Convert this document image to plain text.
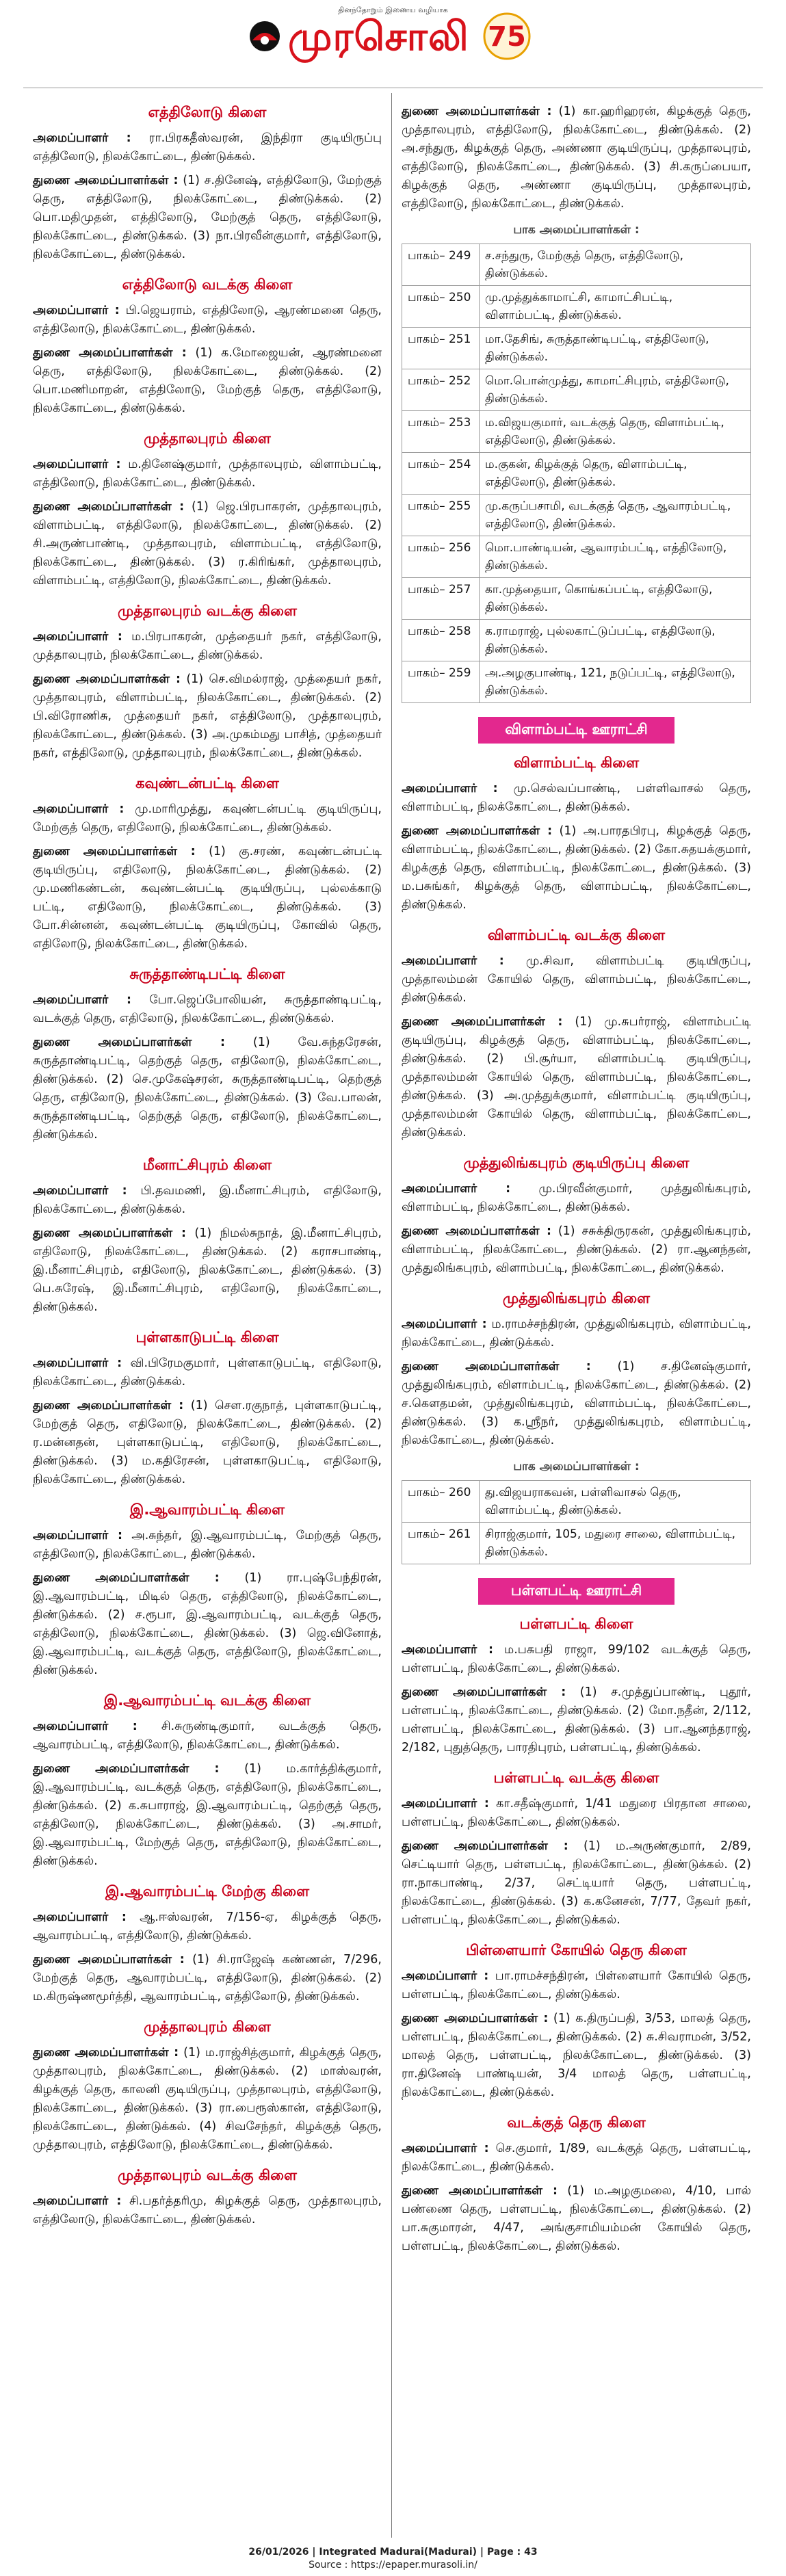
தினந்தோறும் இணைய வழியாக
முரசொலி 75
எத்திலோடு கிளை

அமைப்பாளர் : ரா.பிரகதீஸ்வரன், இந்திரா குடியிருப்பு எத்திலோடு, நிலக்கோட்டை, திண்டுக்கல்.

துணை அமைப்பாளர்கள் : (1) ச.தினேஷ், எத்திலோடு, மேற்குத் தெரு, எத்திலோடு, நிலக்கோட்டை, திண்டுக்கல். (2) பொ.மதிமுதன், எத்திலோடு, மேற்குத் தெரு, எத்திலோடு, நிலக்கோட்டை, திண்டுக்கல். (3) நா.பிரவீன்குமார், எத்திலோடு, நிலக்கோட்டை, திண்டுக்கல்.

எத்திலோடு வடக்கு கிளை

அமைப்பாளர் : பி.ஜெயராம், எத்திலோடு, ஆரண்மனை தெரு, எத்திலோடு, நிலக்கோட்டை, திண்டுக்கல்.

துணை அமைப்பாளர்கள் : (1) க.மோஜையன், ஆரண்மனை தெரு, எத்திலோடு, நிலக்கோட்டை, திண்டுக்கல். (2) பொ.மணிமாறன், எத்திலோடு, மேற்குத் தெரு, எத்திலோடு, நிலக்கோட்டை, திண்டுக்கல்.

முத்தாலபுரம் கிளை

அமைப்பாளர் : ம.தினேஷ்குமார், முத்தாலபுரம், விளாம்பட்டி, எத்திலோடு, நிலக்கோட்டை, திண்டுக்கல்.

துணை அமைப்பாளர்கள் : (1) ஜெ.பிரபாகரன், முத்தாலபுரம், விளாம்பட்டி, எத்திலோடு, நிலக்கோட்டை, திண்டுக்கல். (2) சி.அருண்பாண்டி, முத்தாலபுரம், விளாம்பட்டி, எத்திலோடு, நிலக்கோட்டை, திண்டுக்கல். (3) ர.கிரிங்கர், முத்தாலபுரம், விளாம்பட்டி, எத்திலோடு, நிலக்கோட்டை, திண்டுக்கல்.

முத்தாலபுரம் வடக்கு கிளை

அமைப்பாளர் : ம.பிரபாகரன், முத்தையர் நகர், எத்திலோடு, முத்தாலபுரம், நிலக்கோட்டை, திண்டுக்கல்.

துணை அமைப்பாளர்கள் : (1) செ.விமல்ராஜ், முத்தையர் நகர், முத்தாலபுரம், விளாம்பட்டி, நிலக்கோட்டை, திண்டுக்கல். (2) பி.விரோணிசு, முத்தையர் நகர், எத்திலோடு, முத்தாலபுரம், நிலக்கோட்டை, திண்டுக்கல். (3) அ.முகம்மது பாசித், முத்தையர் நகர், எத்திலோடு, முத்தாலபுரம், நிலக்கோட்டை, திண்டுக்கல்.

கவுண்டன்பட்டி கிளை

அமைப்பாளர் : மு.மாரிமுத்து, கவுண்டன்பட்டி குடியிருப்பு, மேற்குத் தெரு, எதிலோடு, நிலக்கோட்டை, திண்டுக்கல்.

துணை அமைப்பாளர்கள் : (1) கு.சரண், கவுண்டன்பட்டி குடியிருப்பு, எதிலோடு, நிலக்கோட்டை, திண்டுக்கல். (2) மு.மணிகண்டன், கவுண்டன்பட்டி குடியிருப்பு, புல்லக்காடு பட்டி, எதிலோடு, நிலக்கோட்டை, திண்டுக்கல். (3) போ.சின்னன், கவுண்டன்பட்டி குடியிருப்பு, கோவில் தெரு, எதிலோடு, நிலக்கோட்டை, திண்டுக்கல்.

சுருத்தாண்டிபட்டி கிளை

அமைப்பாளர் : போ.ஜெப்போலியன், சுருத்தாண்டிபட்டி, வடக்குத் தெரு, எதிலோடு, நிலக்கோட்டை, திண்டுக்கல்.

துணை அமைப்பாளர்கள் : (1) வே.சுந்தரேசன், சுருத்தாண்டிபட்டி, தெற்குத் தெரு, எதிலோடு, நிலக்கோட்டை, திண்டுக்கல். (2) செ.முகேஷ்சரன், சுருத்தாண்டிபட்டி, தெற்குத் தெரு, எதிலோடு, நிலக்கோட்டை, திண்டுக்கல். (3) வே.பாலன், சுருத்தாண்டிபட்டி, தெற்குத் தெரு, எதிலோடு, நிலக்கோட்டை, திண்டுக்கல்.

மீனாட்சிபுரம் கிளை

அமைப்பாளர் : பி.தவமணி, இ.மீனாட்சிபுரம், எதிலோடு, நிலக்கோட்டை, திண்டுக்கல்.

துணை அமைப்பாளர்கள் : (1) நிமல்சுநாத், இ.மீனாட்சிபுரம், எதிலோடு, நிலக்கோட்டை, திண்டுக்கல். (2) கராசபாண்டி, இ.மீனாட்சிபுரம், எதிலோடு, நிலக்கோட்டை, திண்டுக்கல். (3) பெ.சுரேஷ், இ.மீனாட்சிபுரம், எதிலோடு, நிலக்கோட்டை, திண்டுக்கல்.

புள்ளகாடுபட்டி கிளை

அமைப்பாளர் : வி.பிரேமகுமார், புள்ளகாடுபட்டி, எதிலோடு, நிலக்கோட்டை, திண்டுக்கல்.

துணை அமைப்பாளர்கள் : (1) சௌ.ரகுநாத், புள்ளகாடுபட்டி, மேற்குத் தெரு, எதிலோடு, நிலக்கோட்டை, திண்டுக்கல். (2) ர.மன்னதன், புள்ளகாடுபட்டி, எதிலோடு, நிலக்கோட்டை, திண்டுக்கல். (3) ம.கதிரேசன், புள்ளகாடுபட்டி, எதிலோடு, நிலக்கோட்டை, திண்டுக்கல்.

இ.ஆவாரம்பட்டி கிளை

அமைப்பாளர் : அ.சுந்தர், இ.ஆவாரம்பட்டி, மேற்குத் தெரு, எத்திலோடு, நிலக்கோட்டை, திண்டுக்கல்.

துணை அமைப்பாளர்கள் : (1) ரா.புஷ்பேந்திரன், இ.ஆவாரம்பட்டி, மிடில் தெரு, எத்திலோடு, நிலக்கோட்டை, திண்டுக்கல். (2) ச.ரூபா, இ.ஆவாரம்பட்டி, வடக்குத் தெரு, எத்திலோடு, நிலக்கோட்டை, திண்டுக்கல். (3) ஜெ.வினோத், இ.ஆவாரம்பட்டி, வடக்குத் தெரு, எத்திலோடு, நிலக்கோட்டை, திண்டுக்கல்.

இ.ஆவாரம்பட்டி வடக்கு கிளை

அமைப்பாளர் : சி.சுருண்டிகுமார், வடக்குத் தெரு, ஆவாரம்பட்டி, எத்திலோடு, நிலக்கோட்டை, திண்டுக்கல்.

துணை அமைப்பாளர்கள் : (1) ம.கார்த்திக்குமார், இ.ஆவாரம்பட்டி, வடக்குத் தெரு, எத்திலோடு, நிலக்கோட்டை, திண்டுக்கல். (2) க.சுபாராஜ், இ.ஆவாரம்பட்டி, தெற்குத் தெரு, எத்திலோடு, நிலக்கோட்டை, திண்டுக்கல். (3) அ.சாமர், இ.ஆவாரம்பட்டி, மேற்குத் தெரு, எத்திலோடு, நிலக்கோட்டை, திண்டுக்கல்.

இ.ஆவாரம்பட்டி மேற்கு கிளை

அமைப்பாளர் : ஆ.ஈஸ்வரன், 7/156-ஏ, கிழக்குத் தெரு, ஆவாரம்பட்டி, எத்திலோடு, திண்டுக்கல்.

துணை அமைப்பாளர்கள் : (1) சி.ராஜேஷ் கண்ணன், 7/296, மேற்குத் தெரு, ஆவாரம்பட்டி, எத்திலோடு, திண்டுக்கல். (2) ம.கிருஷ்ணமூர்த்தி, ஆவாரம்பட்டி, எத்திலோடு, திண்டுக்கல்.

முத்தாலபுரம் கிளை

துணை அமைப்பாளர்கள் : (1) ம.ராஜ்சித்குமார், கிழக்குத் தெரு, முத்தாலபுரம், நிலக்கோட்டை, திண்டுக்கல். (2) மாஸ்வரன், கிழக்குத் தெரு, காலனி குடியிருப்பு, முத்தாலபுரம், எத்திலோடு, நிலக்கோட்டை, திண்டுக்கல். (3) ரா.பைரூஸ்கான், எத்திலோடு, நிலக்கோட்டை, திண்டுக்கல். (4) சிவசேந்தர், கிழக்குத் தெரு, முத்தாலபுரம், எத்திலோடு, நிலக்கோட்டை, திண்டுக்கல்.

முத்தாலபுரம் வடக்கு கிளை

அமைப்பாளர் : சி.பதர்த்தரிமு, கிழக்குத் தெரு, முத்தாலபுரம், எத்திலோடு, நிலக்கோட்டை, திண்டுக்கல்.

துணை அமைப்பாளர்கள் : (1) கா.ஹரிஹரன், கிழக்குத் தெரு, முத்தாலபுரம், எத்திலோடு, நிலக்கோட்டை, திண்டுக்கல். (2) அ.சந்துரு, கிழக்குத் தெரு, அண்ணா குடியிருப்பு, முத்தாலபுரம், எத்திலோடு, நிலக்கோட்டை, திண்டுக்கல். (3) சி.கருப்பையா, கிழக்குத் தெரு, அண்ணா குடியிருப்பு, முத்தாலபுரம், எத்திலோடு, நிலக்கோட்டை, திண்டுக்கல்.

பாக அமைப்பாளர்கள் :
பாகம்– 249	ச.சந்துரு, மேற்குத் தெரு, எத்திலோடு, திண்டுக்கல்.
பாகம்– 250	மு.முத்துக்காமாட்சி, காமாட்சிபட்டி, விளாம்பட்டி, திண்டுக்கல்.
பாகம்– 251	மா.தேசிங், சுருத்தாண்டிபட்டி, எத்திலோடு, திண்டுக்கல்.
பாகம்– 252	மொ.பொன்முத்து, காமாட்சிபுரம், எத்திலோடு, திண்டுக்கல்.
பாகம்– 253	ம.விஜயகுமார், வடக்குத் தெரு, விளாம்பட்டி, எத்திலோடு, திண்டுக்கல்.
பாகம்– 254	ம.குகன், கிழக்குத் தெரு, விளாம்பட்டி, எத்திலோடு, திண்டுக்கல்.
பாகம்– 255	மு.கருப்பசாமி, வடக்குத் தெரு, ஆவாரம்பட்டி, எத்திலோடு, திண்டுக்கல்.
பாகம்– 256	மொ.பாண்டியன், ஆவாரம்பட்டி, எத்திலோடு, திண்டுக்கல்.
பாகம்– 257	கா.முத்தையா, கொங்கப்பட்டி, எத்திலோடு, திண்டுக்கல்.
பாகம்– 258	க.ராமராஜ், புல்லகாட்டுப்பட்டி, எத்திலோடு, திண்டுக்கல்.
பாகம்– 259	அ.அழகுபாண்டி, 121, நடுப்பட்டி, எத்திலோடு, திண்டுக்கல்.
விளாம்பட்டி ஊராட்சி
விளாம்பட்டி கிளை

அமைப்பாளர் : மு.செல்வப்பாண்டி, பள்ளிவாசல் தெரு, விளாம்பட்டி, நிலக்கோட்டை, திண்டுக்கல்.

துணை அமைப்பாளர்கள் : (1) அ.பாரதபிரபு, கிழக்குத் தெரு, விளாம்பட்டி, நிலக்கோட்டை, திண்டுக்கல். (2) கோ.சுதயக்குமார், கிழக்குத் தெரு, விளாம்பட்டி, நிலக்கோட்டை, திண்டுக்கல். (3) ம.பசுங்கர், கிழக்குத் தெரு, விளாம்பட்டி, நிலக்கோட்டை, திண்டுக்கல்.

விளாம்பட்டி வடக்கு கிளை

அமைப்பாளர் : மு.சிவா, விளாம்பட்டி குடியிருப்பு, முத்தாலம்மன் கோயில் தெரு, விளாம்பட்டி, நிலக்கோட்டை, திண்டுக்கல்.

துணை அமைப்பாளர்கள் : (1) மு.சுபர்ராஜ், விளாம்பட்டி குடியிருப்பு, கிழக்குத் தெரு, விளாம்பட்டி, நிலக்கோட்டை, திண்டுக்கல். (2) பி.சூர்யா, விளாம்பட்டி குடியிருப்பு, முத்தாலம்மன் கோயில் தெரு, விளாம்பட்டி, நிலக்கோட்டை, திண்டுக்கல். (3) அ.முத்துக்குமார், விளாம்பட்டி குடியிருப்பு, முத்தாலம்மன் கோயில் தெரு, விளாம்பட்டி, நிலக்கோட்டை, திண்டுக்கல்.

முத்துலிங்கபுரம் குடியிருப்பு கிளை

அமைப்பாளர் : மு.பிரவீன்குமார், முத்துலிங்கபுரம், விளாம்பட்டி, நிலக்கோட்டை, திண்டுக்கல்.

துணை அமைப்பாளர்கள் : (1) சசுக்திருரகன், முத்துலிங்கபுரம், விளாம்பட்டி, நிலக்கோட்டை, திண்டுக்கல். (2) ரா.ஆனந்தன், முத்துலிங்கபுரம், விளாம்பட்டி, நிலக்கோட்டை, திண்டுக்கல்.

முத்துலிங்கபுரம் கிளை

அமைப்பாளர் : ம.ராமச்சந்திரன், முத்துலிங்கபுரம், விளாம்பட்டி, நிலக்கோட்டை, திண்டுக்கல்.

துணை அமைப்பாளர்கள் : (1) ச.தினேஷ்குமார், முத்துலிங்கபுரம், விளாம்பட்டி, நிலக்கோட்டை, திண்டுக்கல். (2) ச.கௌதமன், முத்துலிங்கபுரம், விளாம்பட்டி, நிலக்கோட்டை, திண்டுக்கல். (3) க.ஸ்ரீநர், முத்துலிங்கபுரம், விளாம்பட்டி, நிலக்கோட்டை, திண்டுக்கல்.

பாக அமைப்பாளர்கள் :
பாகம்– 260	து.விஜயராகவன், பள்ளிவாசல் தெரு, விளாம்பட்டி, திண்டுக்கல்.
பாகம்– 261	சிராஜ்குமார், 105, மதுரை சாலை, விளாம்பட்டி, திண்டுக்கல்.
பள்ளபட்டி ஊராட்சி
பள்ளபட்டி கிளை

அமைப்பாளர் : ம.பசுபதி ராஜா, 99/102 வடக்குத் தெரு, பள்ளபட்டி, நிலக்கோட்டை, திண்டுக்கல்.

துணை அமைப்பாளர்கள் : (1) ச.முத்துப்பாண்டி, புதூர், பள்ளபட்டி, நிலக்கோட்டை, திண்டுக்கல். (2) மோ.நதீன், 2/112, பள்ளபட்டி, நிலக்கோட்டை, திண்டுக்கல். (3) பா.ஆனந்தராஜ், 2/182, புதுத்தெரு, பாரதிபுரம், பள்ளபட்டி, திண்டுக்கல்.

பள்ளபட்டி வடக்கு கிளை

அமைப்பாளர் : கா.சதீஷ்குமார், 1/41 மதுரை பிரதான சாலை, பள்ளபட்டி, நிலக்கோட்டை, திண்டுக்கல்.

துணை அமைப்பாளர்கள் : (1) ம.அருண்குமார், 2/89, செட்டியார் தெரு, பள்ளபட்டி, நிலக்கோட்டை, திண்டுக்கல். (2) ரா.நாகபாண்டி, 2/37, செட்டியார் தெரு, பள்ளபட்டி, நிலக்கோட்டை, திண்டுக்கல். (3) க.கனேசன், 7/77, தேவர் நகர், பள்ளபட்டி, நிலக்கோட்டை, திண்டுக்கல்.

பிள்ளையார் கோயில் தெரு கிளை

அமைப்பாளர் : பா.ராமச்சந்திரன், பிள்ளையார் கோயில் தெரு, பள்ளபட்டி, நிலக்கோட்டை, திண்டுக்கல்.

துணை அமைப்பாளர்கள் : (1) க.திருப்பதி, 3/53, மாலத் தெரு, பள்ளபட்டி, நிலக்கோட்டை, திண்டுக்கல். (2) சு.சிவராமன், 3/52, மாலத் தெரு, பள்ளபட்டி, நிலக்கோட்டை, திண்டுக்கல். (3) ரா.தினேஷ் பாண்டியன், 3/4 மாலத் தெரு, பள்ளபட்டி, நிலக்கோட்டை, திண்டுக்கல்.

வடக்குத் தெரு கிளை

அமைப்பாளர் : செ.குமார், 1/89, வடக்குத் தெரு, பள்ளபட்டி, நிலக்கோட்டை, திண்டுக்கல்.

துணை அமைப்பாளர்கள் : (1) ம.அழகுமலை, 4/10, பால் பண்ணை தெரு, பள்ளபட்டி, நிலக்கோட்டை, திண்டுக்கல். (2) பா.சுகுமாரன், 4/47, அங்குசாமியம்மன் கோயில் தெரு, பள்ளபட்டி, நிலக்கோட்டை, திண்டுக்கல்.

26/01/2026 | Integrated Madurai(Madurai) | Page : 43
Source : https://epaper.murasoli.in/
